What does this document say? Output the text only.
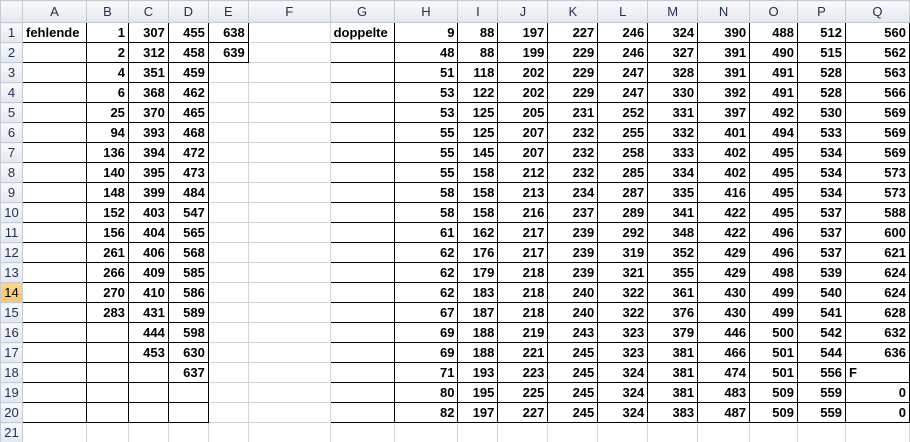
	A	B	C	D	E	F	G	H	I	J	K	L	M	N	O	P	Q
1	fehlende	1	307	455	638		doppelte	9	88	197	227	246	324	390	488	512	560
2		2	312	458	639			48	88	199	229	246	327	391	490	515	562
3		4	351	459				51	118	202	229	247	328	391	491	528	563
4		6	368	462				53	122	202	229	247	330	392	491	528	566
5		25	370	465				53	125	205	231	252	331	397	492	530	569
6		94	393	468				55	125	207	232	255	332	401	494	533	569
7		136	394	472				55	145	207	232	258	333	402	495	534	569
8		140	395	473				55	158	212	232	285	334	402	495	534	573
9		148	399	484				58	158	213	234	287	335	416	495	534	573
10		152	403	547				58	158	216	237	289	341	422	495	537	588
11		156	404	565				61	162	217	239	292	348	422	496	537	600
12		261	406	568				62	176	217	239	319	352	429	496	537	621
13		266	409	585				62	179	218	239	321	355	429	498	539	624
14		270	410	586				62	183	218	240	322	361	430	499	540	624
15		283	431	589				67	187	218	240	322	376	430	499	541	628
16			444	598				69	188	219	243	323	379	446	500	542	632
17			453	630				69	188	221	245	323	381	466	501	544	636
18				637				71	193	223	245	324	381	474	501	556	F
19								80	195	225	245	324	381	483	509	559	0
20								82	197	227	245	324	383	487	509	559	0
21																	
